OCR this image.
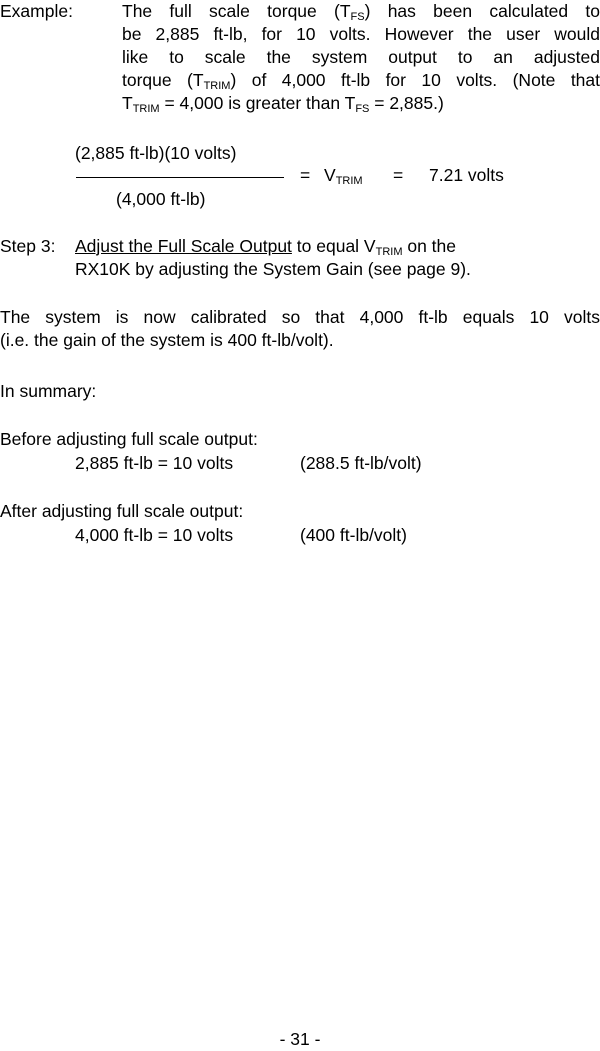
Example:	The full scale torque $(T_{FS})$ has been calculated to
be 2,885 ft-lb, for 10 volts. However the user would
like to scale the system output to an adjusted
torque $(T_{TRIM})$ of 4,000 ft-lb for 10 volts. (Note that
$T_{TRIM} = 4,000$ is greater than $T_{FS} = 2,885$.)
(2,885 ft-lb)(10 volts)
(4,000 ft-lb)
= $V_{TRIM} = 7.21$ volts
Step 3: Adjust the Full Scale Output to equal $V_{TRIM}$ on the
RX10K by adjusting the System Gain (see page 9).
The system is now calibrated so that 4,000 ft-lb equals 10 volts
(i.e. the gain of the system is 400 ft-lb/volt).
In summary:
Before adjusting full scale output:
2,885 ft-lb = 10 volts	(288.5 ft-lb/volt)
After adjusting full scale output:
4,000 ft-lb = 10 volts	(400 ft-lb/volt)
- 31 -
